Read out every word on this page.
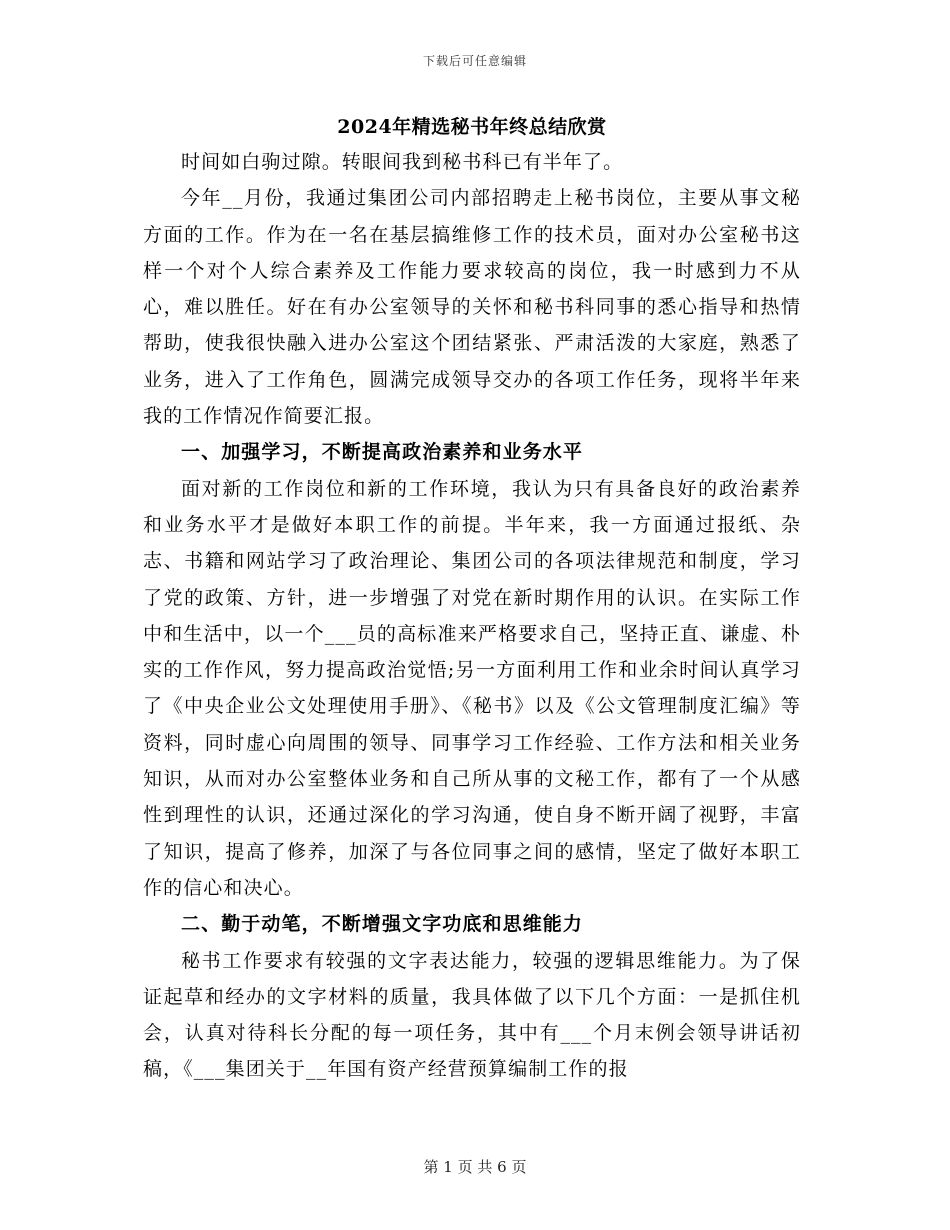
下载后可任意编辑
2024年精选秘书年终总结欣赏

时间如白驹过隙。转眼间我到秘书科已有半年了。

今年__月份，我通过集团公司内部招聘走上秘书岗位，主要从事文秘方面的工作。作为在一名在基层搞维修工作的技术员，面对办公室秘书这样一个对个人综合素养及工作能力要求较高的岗位，我一时感到力不从心，难以胜任。好在有办公室领导的关怀和秘书科同事的悉心指导和热情帮助，使我很快融入进办公室这个团结紧张、严肃活泼的大家庭，熟悉了业务，进入了工作角色，圆满完成领导交办的各项工作任务，现将半年来我的工作情况作简要汇报。

一、加强学习，不断提高政治素养和业务水平

面对新的工作岗位和新的工作环境，我认为只有具备良好的政治素养和业务水平才是做好本职工作的前提。半年来，我一方面通过报纸、杂志、书籍和网站学习了政治理论、集团公司的各项法律规范和制度，学习了党的政策、方针，进一步增强了对党在新时期作用的认识。在实际工作中和生活中，以一个___员的高标准来严格要求自己，坚持正直、谦虚、朴实的工作作风，努力提高政治觉悟;另一方面利用工作和业余时间认真学习了《中央企业公文处理使用手册》、《秘书》以及《公文管理制度汇编》等资料，同时虚心向周围的领导、同事学习工作经验、工作方法和相关业务知识，从而对办公室整体业务和自己所从事的文秘工作，都有了一个从感性到理性的认识，还通过深化的学习沟通，使自身不断开阔了视野，丰富了知识，提高了修养，加深了与各位同事之间的感情，坚定了做好本职工作的信心和决心。

二、勤于动笔，不断增强文字功底和思维能力

秘书工作要求有较强的文字表达能力，较强的逻辑思维能力。为了保证起草和经办的文字材料的质量，我具体做了以下几个方面：一是抓住机会，认真对待科长分配的每一项任务，其中有___个月末例会领导讲话初稿，《___集团关于__年国有资产经营预算编制工作的报

第 1 页 共 6 页
